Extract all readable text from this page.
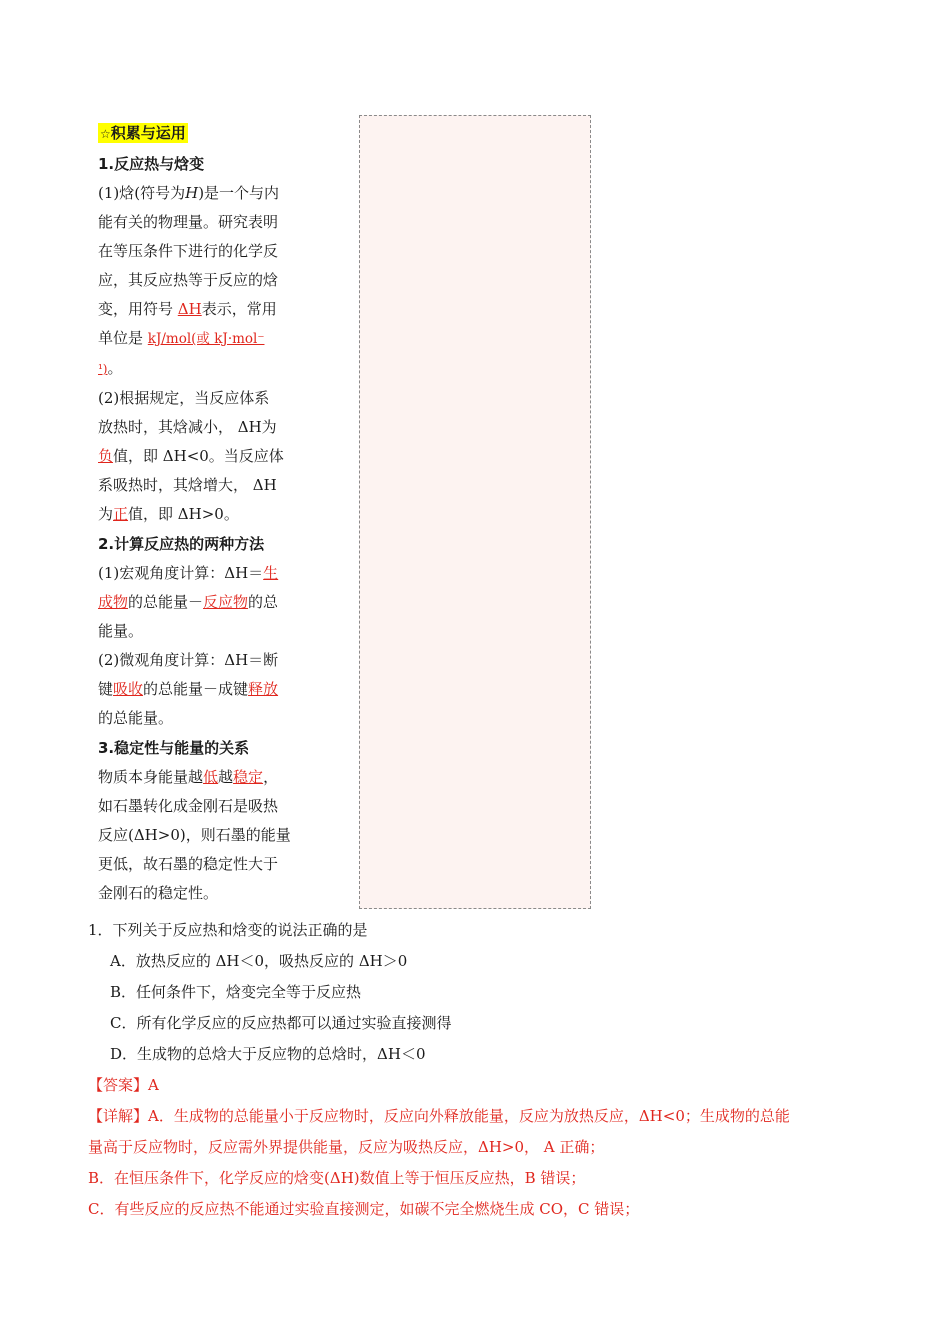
☆积累与运用
1.反应热与焓变
(1)焓(符号为H)是一个与内
能有关的物理量。研究表明
在等压条件下进行的化学反
应，其反应热等于反应的焓
变，用符号 ΔH表示，常用
单位是 kJ/mol(或 kJ·mol⁻
¹)。
(2)根据规定，当反应体系
放热时，其焓减小， ΔH为
负值，即 ΔH<0。当反应体
系吸热时，其焓增大， ΔH
为正值，即 ΔH>0。
2.计算反应热的两种方法
(1)宏观角度计算：ΔH＝生
成物的总能量－反应物的总
能量。
(2)微观角度计算：ΔH＝断
键吸收的总能量－成键释放
的总能量。
3.稳定性与能量的关系
物质本身能量越低越稳定，
如石墨转化成金刚石是吸热
反应(ΔH>0)，则石墨的能量
更低，故石墨的稳定性大于
金刚石的稳定性。
1．下列关于反应热和焓变的说法正确的是
A．放热反应的 ΔH＜0，吸热反应的 ΔH＞0
B．任何条件下，焓变完全等于反应热
C．所有化学反应的反应热都可以通过实验直接测得
D．生成物的总焓大于反应物的总焓时，ΔH＜0
【答案】A
【详解】A．生成物的总能量小于反应物时，反应向外释放能量，反应为放热反应，ΔH<0；生成物的总能
量高于反应物时，反应需外界提供能量，反应为吸热反应，ΔH>0， A 正确；
B．在恒压条件下，化学反应的焓变(ΔH)数值上等于恒压反应热，B 错误；
C．有些反应的反应热不能通过实验直接测定，如碳不完全燃烧生成 CO，C 错误；
